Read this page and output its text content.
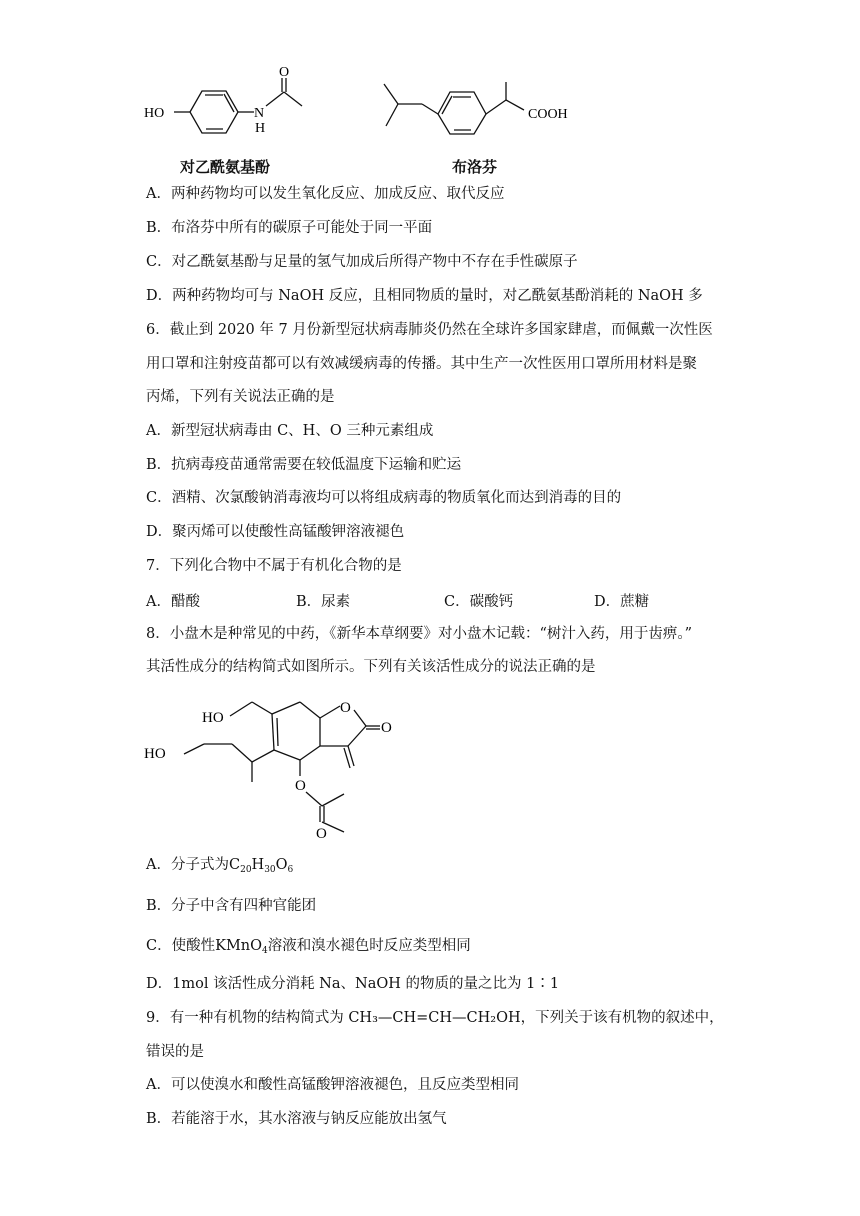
HO	N
H
O
COOH
对乙酰氨基酚	布洛芬
A．两种药物均可以发生氧化反应、加成反应、取代反应
B．布洛芬中所有的碳原子可能处于同一平面
C．对乙酰氨基酚与足量的氢气加成后所得产物中不存在手性碳原子
D．两种药物均可与 NaOH 反应，且相同物质的量时，对乙酰氨基酚消耗的 NaOH 多
6．截止到 2020 年 7 月份新型冠状病毒肺炎仍然在全球许多国家肆虐，而佩戴一次性医
用口罩和注射疫苗都可以有效减缓病毒的传播。其中生产一次性医用口罩所用材料是聚
丙烯，下列有关说法正确的是
A．新型冠状病毒由 C、H、O 三种元素组成
B．抗病毒疫苗通常需要在较低温度下运输和贮运
C．酒精、次氯酸钠消毒液均可以将组成病毒的物质氧化而达到消毒的目的
D．聚丙烯可以使酸性高锰酸钾溶液褪色
7．下列化合物中不属于有机化合物的是
A．醋酸	B．尿素	C．碳酸钙	D．蔗糖
8．小盘木是种常见的中药，《新华本草纲要》对小盘木记载：“树汁入药，用于齿痹。”
其活性成分的结构简式如图所示。下列有关该活性成分的说法正确的是
HO
HO
O
O
O
O
A．分子式为$C_{20}H_{30}O_6$
B．分子中含有四种官能团
C．使酸性KMnO$_4$溶液和溴水褪色时反应类型相同
D．1mol 该活性成分消耗 Na、NaOH 的物质的量之比为 1∶1
9．有一种有机物的结构简式为 CH₃—CH=CH—CH₂OH，下列关于该有机物的叙述中，
错误的是
A．可以使溴水和酸性高锰酸钾溶液褪色，且反应类型相同
B．若能溶于水，其水溶液与钠反应能放出氢气
